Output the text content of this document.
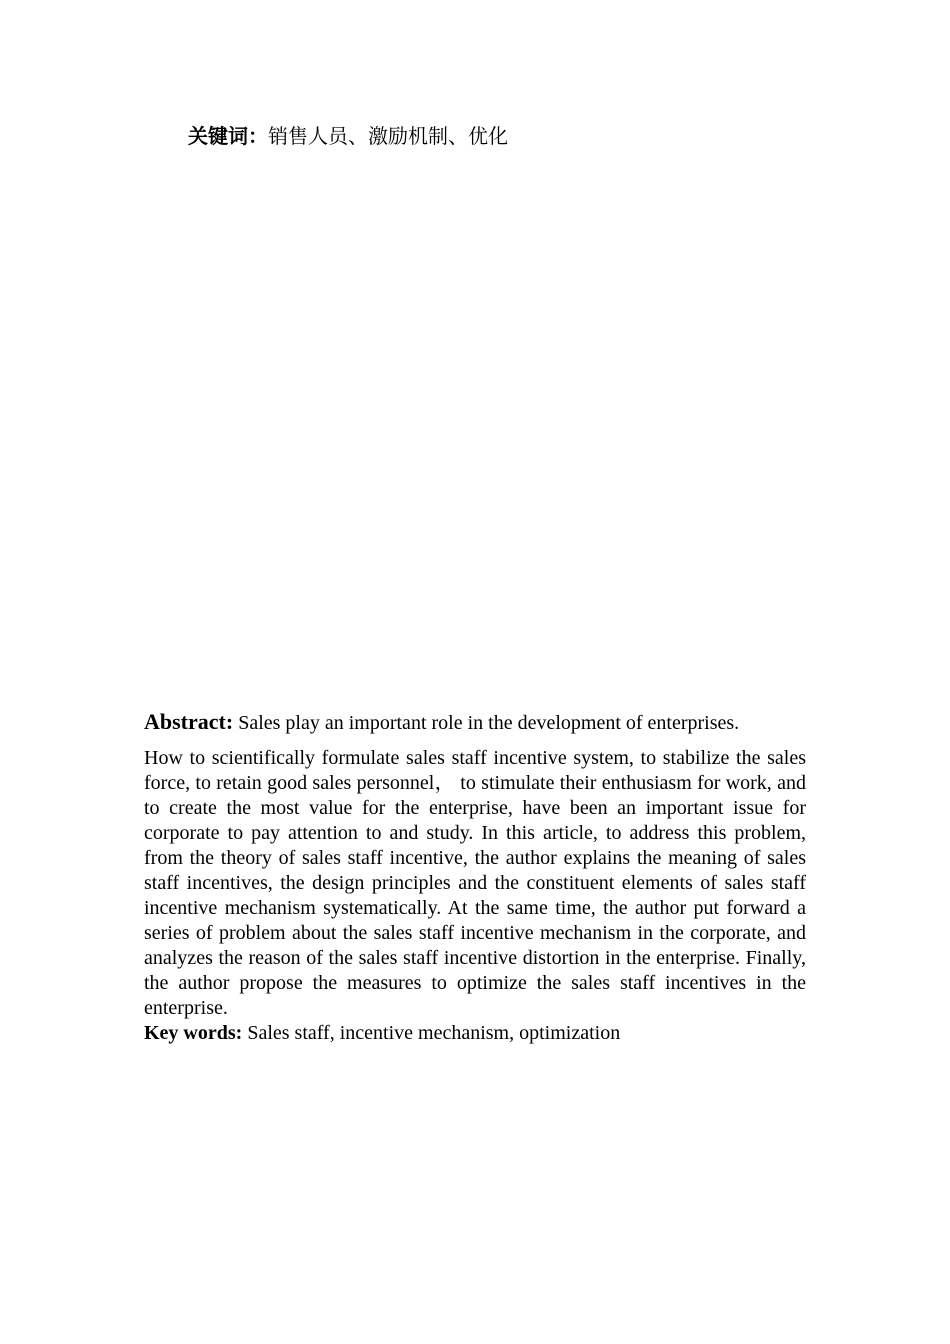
关键词：销售人员、激励机制、优化

Abstract: Sales play an important role in the development of enterprises.

How to scientifically formulate sales staff incentive system, to stabilize the sales force, to retain good sales personnel， to stimulate their enthusiasm for work, and to create the most value for the enterprise, have been an important issue for corporate to pay attention to and study. In this article, to address this problem, from the theory of sales staff incentive, the author explains the meaning of sales staff incentives, the design principles and the constituent elements of sales staff incentive mechanism systematically. At the same time, the author put forward a series of problem about the sales staff incentive mechanism in the corporate, and analyzes the reason of the sales staff incentive distortion in the enterprise. Finally, the author propose the measures to optimize the sales staff incentives in the enterprise.

Key words: Sales staff, incentive mechanism, optimization
